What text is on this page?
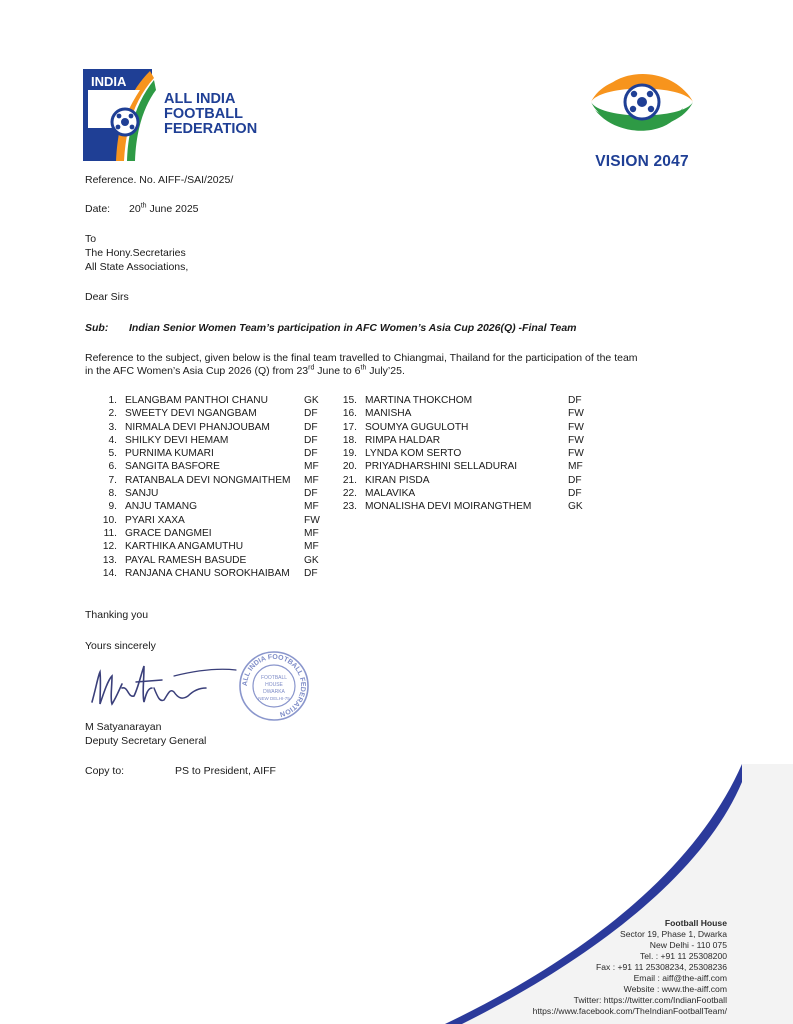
INDIA
ALL INDIA
FOOTBALL
FEDERATION
VISION 2047
Reference. No. AIFF-/SAI/2025/
Date: 20th June 2025
To
The Hony.Secretaries
All State Associations,
Dear Sirs
Sub: Indian Senior Women Team’s participation in AFC Women’s Asia Cup 2026(Q) -Final Team
Reference to the subject, given below is the final team travelled to Chiangmai, Thailand for the participation of the team
in the AFC Women’s Asia Cup 2026 (Q) from 23rd June to 6th July’25.
1. ELANGBAM PANTHOI CHANU	GK
2. SWEETY DEVI NGANGBAM	DF
3. NIRMALA DEVI PHANJOUBAM	DF
4. SHILKY DEVI HEMAM	DF
5. PURNIMA KUMARI	DF
6. SANGITA BASFORE	MF
7. RATANBALA DEVI NONGMAITHEM MF
8. SANJU	DF
9. ANJU TAMANG	MF
10. PYARI XAXA	FW
11. GRACE DANGMEI	MF
12. KARTHIKA ANGAMUTHU	MF
13. PAYAL RAMESH BASUDE	GK
14. RANJANA CHANU SOROKHAIBAM DF
15. MARTINA THOKCHOM	DF
16. MANISHA	FW
17. SOUMYA GUGULOTH	FW
18. RIMPA HALDAR	FW
19. LYNDA KOM SERTO	FW
20. PRIYADHARSHINI SELLADURAI	MF
21. KIRAN PISDA	DF
22. MALAVIKA	DF
23. MONALISHA DEVI MOIRANGTHEM	GK
Thanking you
Yours sincerely
ALL INDIA FOOTBALL FEDERATION
FOOTBALL
HOUSE
DWARKA
NEW DELHI-75
M Satyanarayan
Deputy Secretary General
Copy to:	PS to President, AIFF
Football House
Sector 19, Phase 1, Dwarka
New Delhi - 110 075
Tel. : +91 11 25308200
Fax : +91 11 25308234, 25308236
Email : aiff@the-aiff.com
Website : www.the-aiff.com
Twitter: https://twitter.com/IndianFootball
https://www.facebook.com/TheIndianFootballTeam/
